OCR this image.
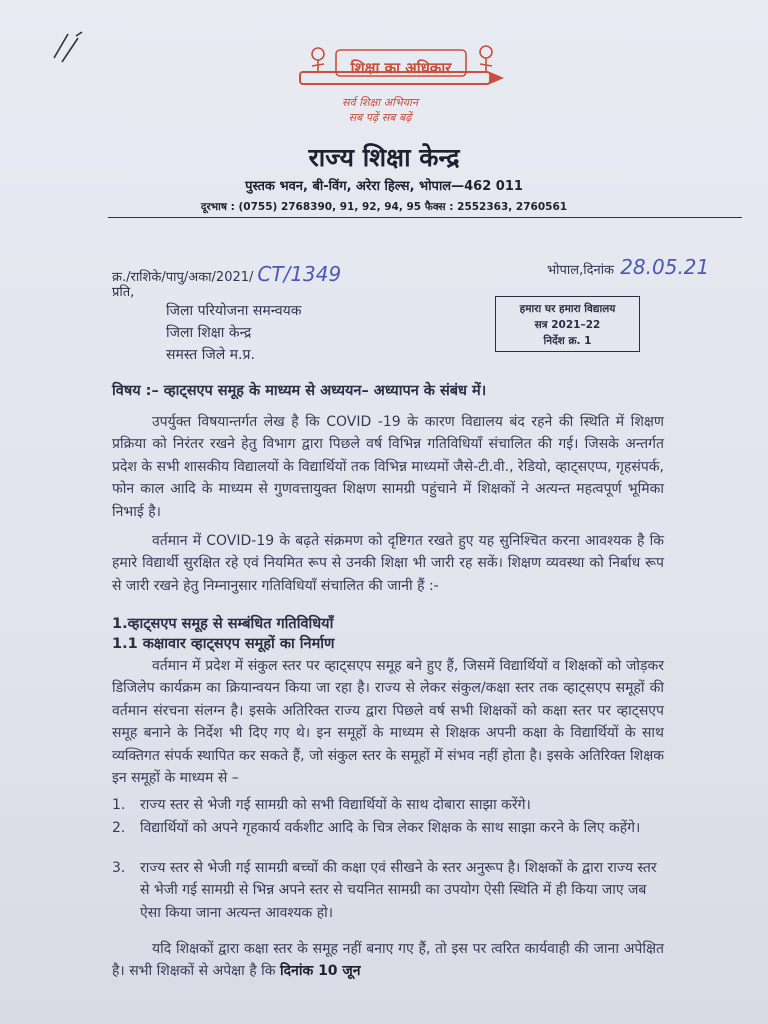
शिक्षा का अधिकार
सर्व शिक्षा अभियान
सब पढ़ें सब बढ़ें
राज्य शिक्षा केन्द्र
पुस्तक भवन, बी-विंग, अरेरा हिल्स, भोपाल—462 011
दूरभाष : (0755) 2768390, 91, 92, 94, 95 फैक्स : 2552363, 2760561
क्र./राशिके/पापु/अका/2021/ CT/1349	भोपाल,दिनांक 28.05.21
प्रति,
जिला परियोजना समन्वयक
जिला शिक्षा केन्द्र
समस्त जिले म.प्र.
हमारा घर हमारा विद्यालय
सत्र 2021–22
निर्देश क्र. 1
विषय :– व्हाट्सएप समूह के माध्यम से अध्ययन– अध्यापन के संबंध में।

उपर्युक्त विषयान्तर्गत लेख है कि COVID -19 के कारण विद्यालय बंद रहने की स्थिति में शिक्षण प्रक्रिया को निरंतर रखने हेतु विभाग द्वारा पिछले वर्ष विभिन्न गतिविधियाँ संचालित की गई। जिसके अन्तर्गत प्रदेश के सभी शासकीय विद्यालयों के विद्यार्थियों तक विभिन्न माध्यमों जैसे-टी.वी., रेडियो, व्हाट्सएप्प, गृहसंपर्क, फोन काल आदि के माध्यम से गुणवत्तायुक्त शिक्षण सामग्री पहुंचाने में शिक्षकों ने अत्यन्त महत्वपूर्ण भूमिका निभाई है।

वर्तमान में COVID-19 के बढ़ते संक्रमण को दृष्टिगत रखते हुए यह सुनिश्चित करना आवश्यक है कि हमारे विद्यार्थी सुरक्षित रहे एवं नियमित रूप से उनकी शिक्षा भी जारी रह सकें। शिक्षण व्यवस्था को निर्बाध रूप से जारी रखने हेतु निम्नानुसार गतिविधियाँ संचालित की जानी हैं :-

1.व्हाट्सएप समूह से सम्बंधित गतिविधियाँ
1.1 कक्षावार व्हाट्सएप समूहों का निर्माण

वर्तमान में प्रदेश में संकुल स्तर पर व्हाट्सएप समूह बने हुए हैं, जिसमें विद्यार्थियों व शिक्षकों को जोड़कर डिजिलेप कार्यक्रम का क्रियान्वयन किया जा रहा है। राज्य से लेकर संकुल/कक्षा स्तर तक व्हाट्सएप समूहों की वर्तमान संरचना संलग्न है। इसके अतिरिक्त राज्य द्वारा पिछले वर्ष सभी शिक्षकों को कक्षा स्तर पर व्हाट्सएप समूह बनाने के निर्देश भी दिए गए थे। इन समूहों के माध्यम से शिक्षक अपनी कक्षा के विद्यार्थियों के साथ व्यक्तिगत संपर्क स्थापित कर सकते हैं, जो संकुल स्तर के समूहों में संभव नहीं होता है। इसके अतिरिक्त शिक्षक इन समूहों के माध्यम से –

1.	राज्य स्तर से भेजी गई सामग्री को सभी विद्यार्थियों के साथ दोबारा साझा करेंगे।
2.	विद्यार्थियों को अपने गृहकार्य वर्कशीट आदि के चित्र लेकर शिक्षक के साथ साझा करने के लिए कहेंगे।
3.	राज्य स्तर से भेजी गई सामग्री बच्चों की कक्षा एवं सीखने के स्तर अनुरूप है। शिक्षकों के द्वारा राज्य स्तर से भेजी गई सामग्री से भिन्न अपने स्तर से चयनित सामग्री का उपयोग ऐसी स्थिति में ही किया जाए जब ऐसा किया जाना अत्यन्त आवश्यक हो।

यदि शिक्षकों द्वारा कक्षा स्तर के समूह नहीं बनाए गए हैं, तो इस पर त्वरित कार्यवाही की जाना अपेक्षित है। सभी शिक्षकों से अपेक्षा है कि दिनांक 10 जून
